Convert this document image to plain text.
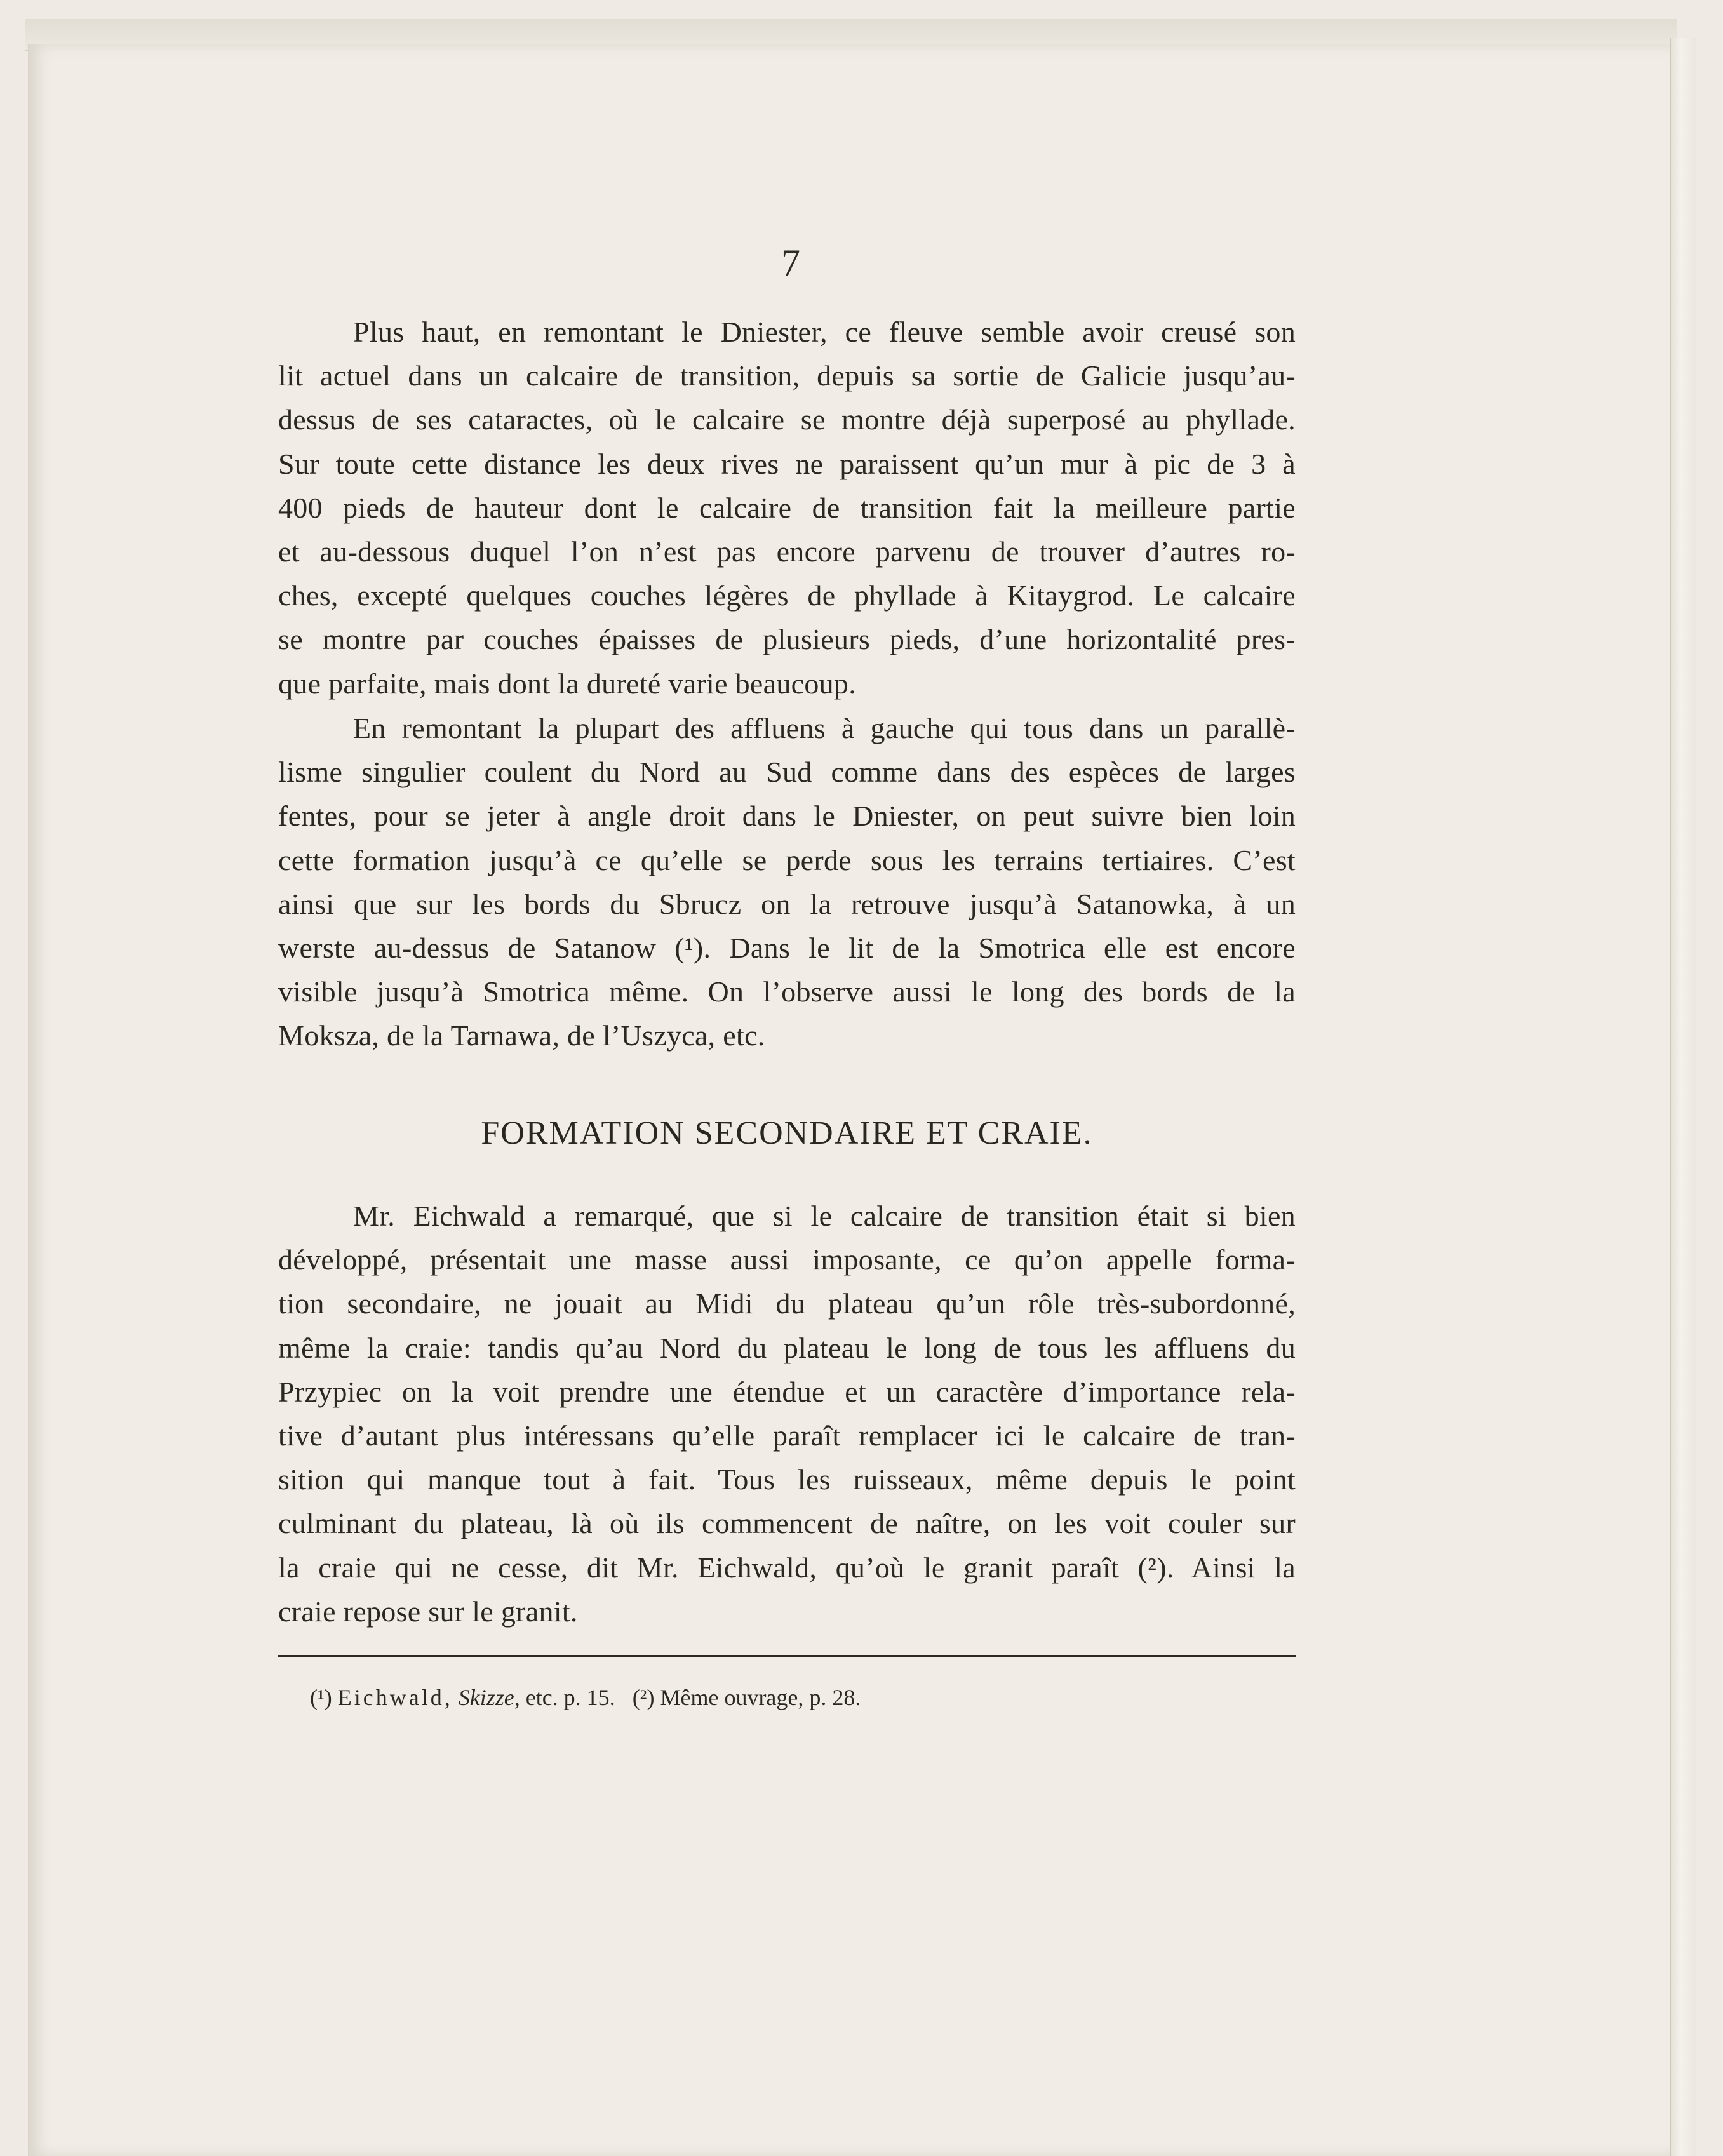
7
Plus haut, en remontant le Dniester, ce fleuve semble avoir creusé son
lit actuel dans un calcaire de transition, depuis sa sortie de Galicie jusqu’au-
dessus de ses cataractes, où le calcaire se montre déjà superposé au phyllade.
Sur toute cette distance les deux rives ne paraissent qu’un mur à pic de 3 à
400 pieds de hauteur dont le calcaire de transition fait la meilleure partie
et au-dessous duquel l’on n’est pas encore parvenu de trouver d’autres ro-
ches, excepté quelques couches légères de phyllade à Kitaygrod. Le calcaire
se montre par couches épaisses de plusieurs pieds, d’une horizontalité pres-
que parfaite, mais dont la dureté varie beaucoup.
En remontant la plupart des affluens à gauche qui tous dans un parallè-
lisme singulier coulent du Nord au Sud comme dans des espèces de larges
fentes, pour se jeter à angle droit dans le Dniester, on peut suivre bien loin
cette formation jusqu’à ce qu’elle se perde sous les terrains tertiaires. C’est
ainsi que sur les bords du Sbrucz on la retrouve jusqu’à Satanowka, à un
werste au-dessus de Satanow (¹). Dans le lit de la Smotrica elle est encore
visible jusqu’à Smotrica même. On l’observe aussi le long des bords de la
Moksza, de la Tarnawa, de l’Uszyca, etc.
FORMATION SECONDAIRE ET CRAIE.
Mr. Eichwald a remarqué, que si le calcaire de transition était si bien
développé, présentait une masse aussi imposante, ce qu’on appelle forma-
tion secondaire, ne jouait au Midi du plateau qu’un rôle très-subordonné,
même la craie: tandis qu’au Nord du plateau le long de tous les affluens du
Przypiec on la voit prendre une étendue et un caractère d’importance rela-
tive d’autant plus intéressans qu’elle paraît remplacer ici le calcaire de tran-
sition qui manque tout à fait. Tous les ruisseaux, même depuis le point
culminant du plateau, là où ils commencent de naître, on les voit couler sur
la craie qui ne cesse, dit Mr. Eichwald, qu’où le granit paraît (²). Ainsi la
craie repose sur le granit.
(¹) Eichwald, Skizze, etc. p. 15. (²) Même ouvrage, p. 28.
